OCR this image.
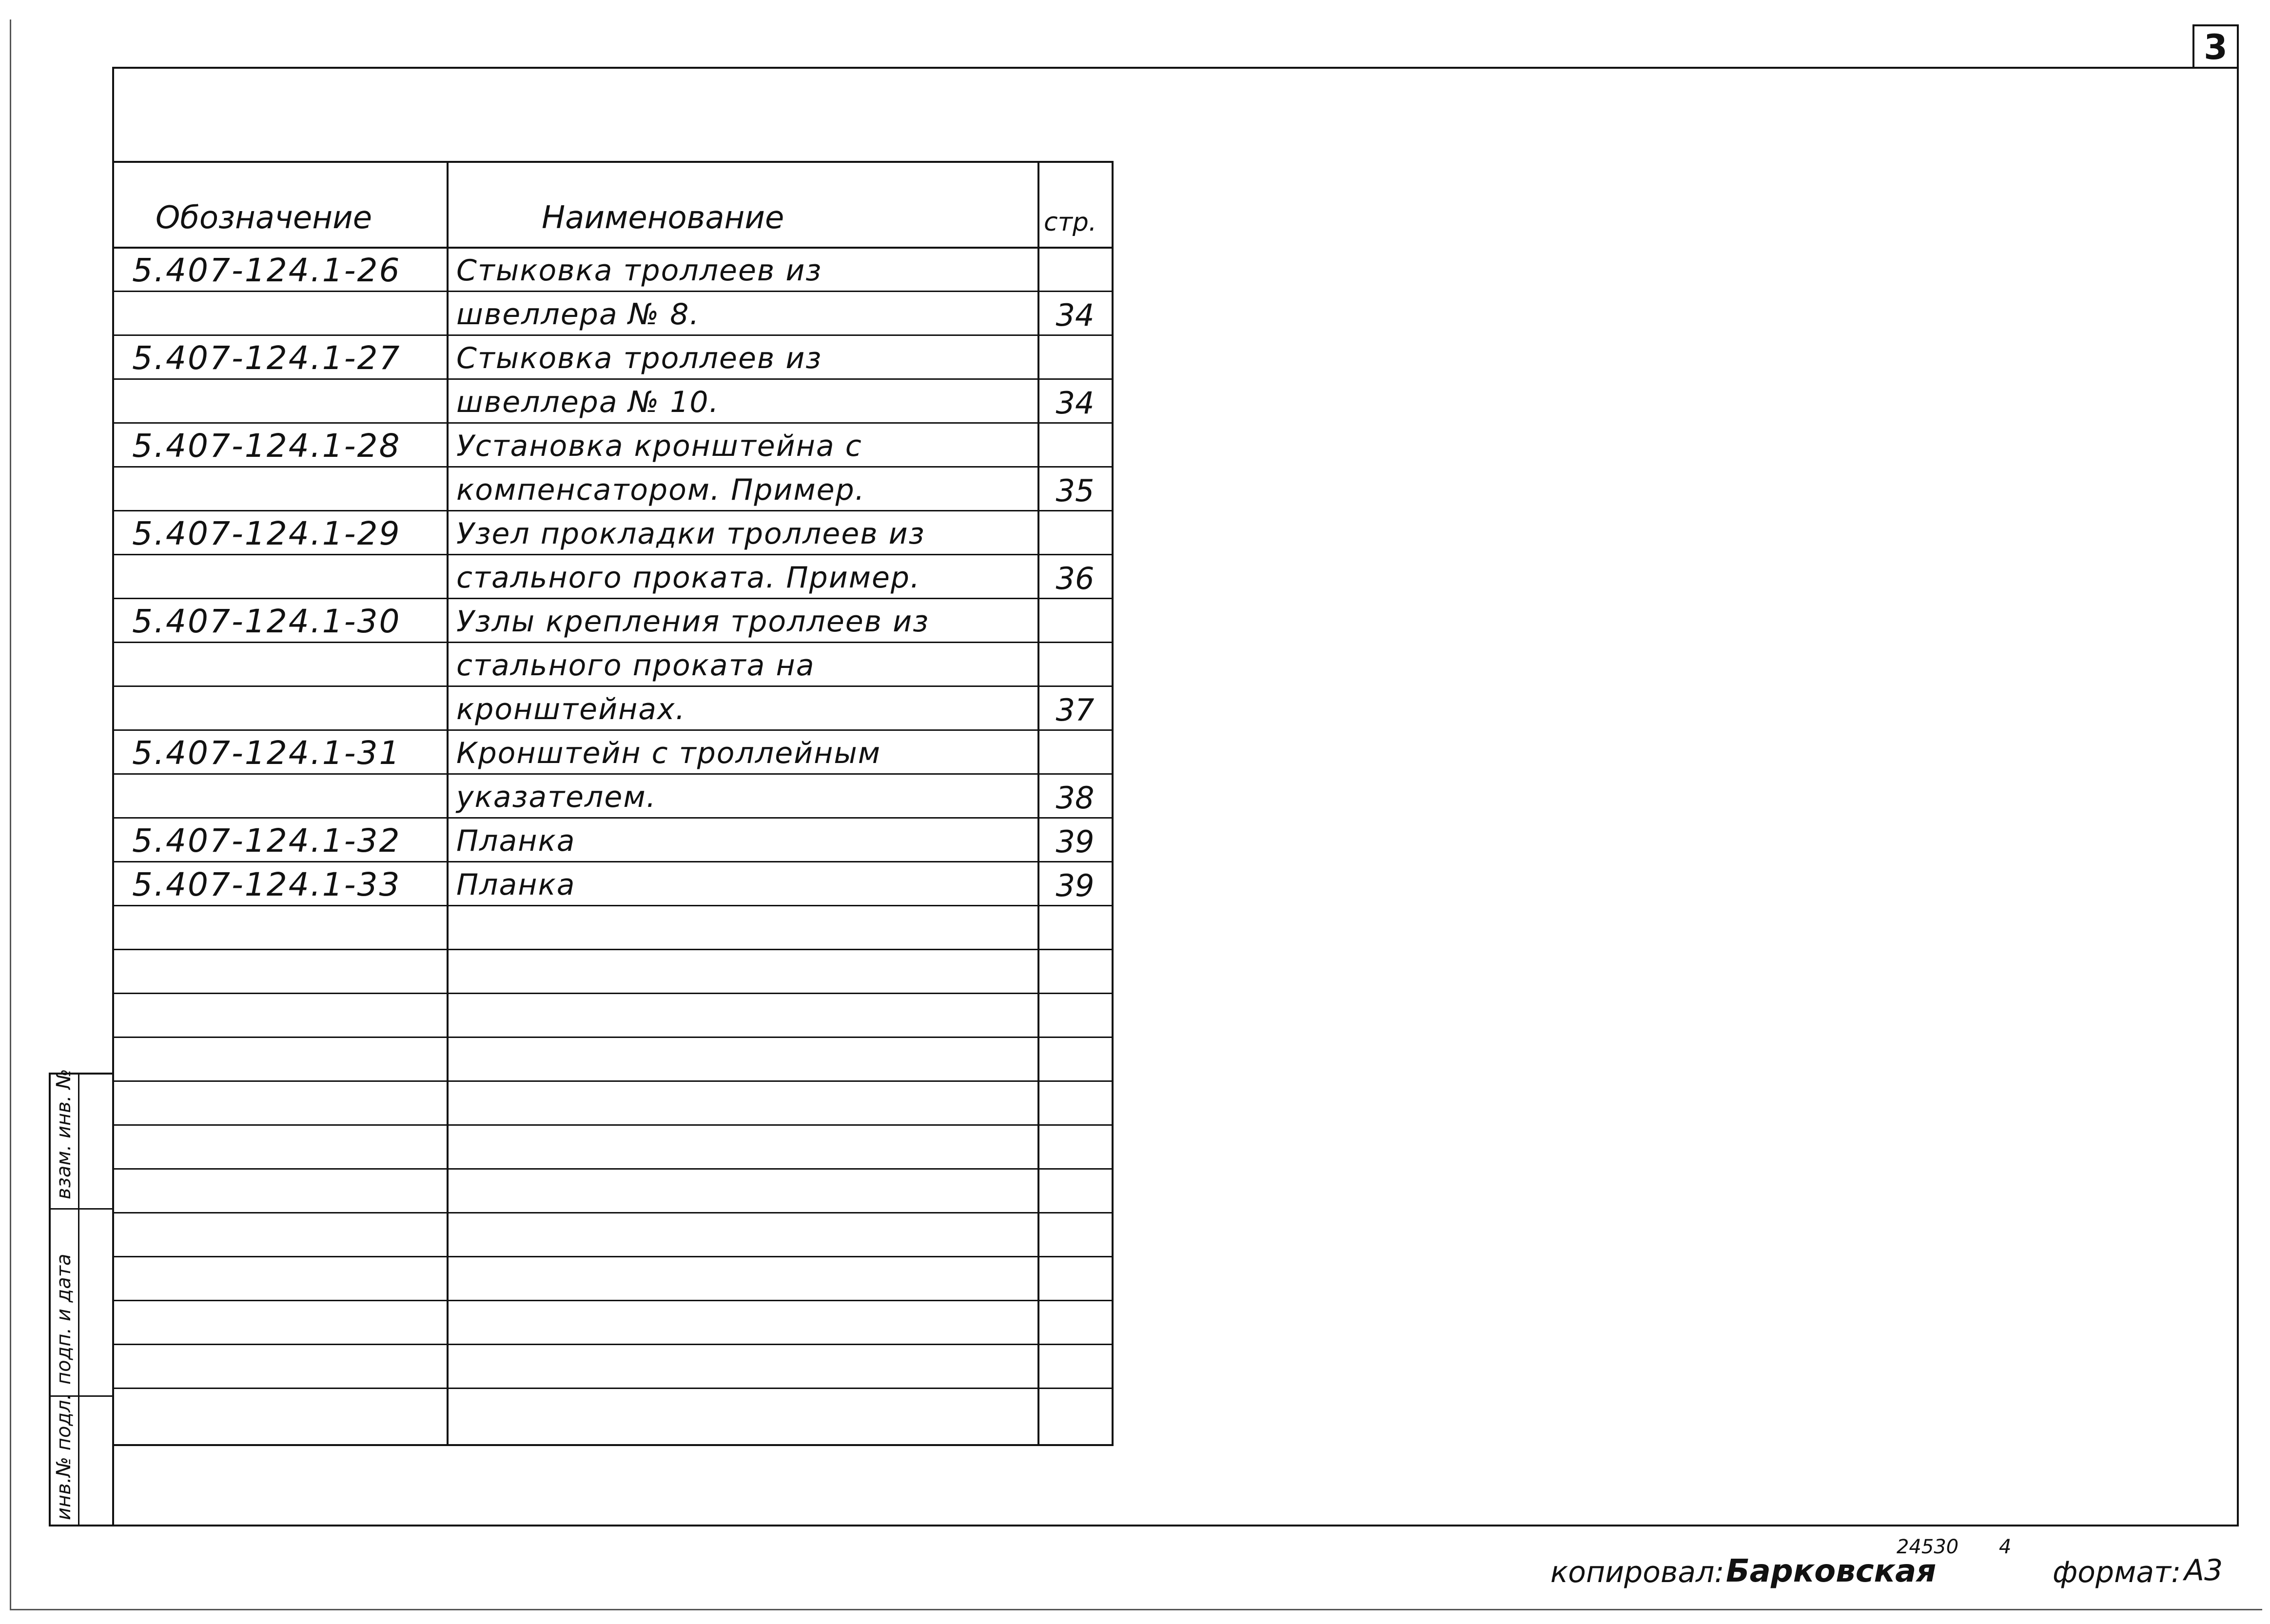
3
Обозначение	Наименование	стр.
5.407-124.1-26 Стыковка троллеев из
швеллера № 8.	34
5.407-124.1-27 Стыковка троллеев из
швеллера № 10.	34
5.407-124.1-28 Установка кронштейна с
компенсатором. Пример.	35
5.407-124.1-29 Узел прокладки троллеев из
стального проката. Пример.	36
5.407-124.1-30 Узлы крепления троллеев из
стального проката на
кронштейнах.	37
5.407-124.1-31 Кронштейн с троллейным
указателем.	38
5.407-124.1-32 Планка	39
5.407-124.1-33 Планка	39
взам. инв. №
подп. и дата
инв.№ подл.
копировал: Барковская
24530 4
формат: А3
